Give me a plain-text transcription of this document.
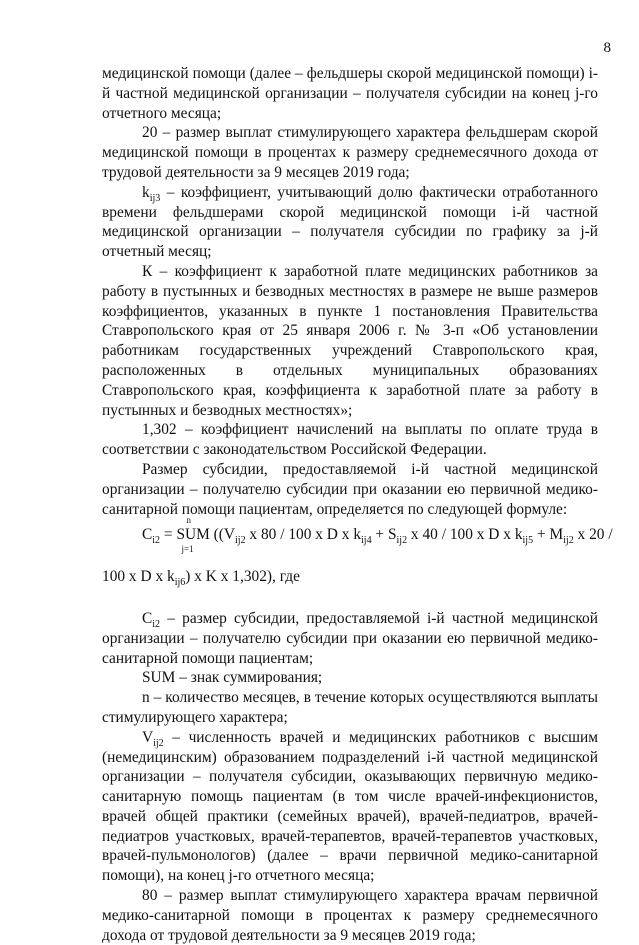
8

медицинской помощи (далее – фельдшеры скорой медицинской помощи) i-й частной медицинской организации – получателя субсидии на конец j-го отчетного месяца;

20 – размер выплат стимулирующего характера фельдшерам скорой медицинской помощи в процентах к размеру среднемесячного дохода от трудовой деятельности за 9 месяцев 2019 года;

$k_{ij3}$ – коэффициент, учитывающий долю фактически отработанного времени фельдшерами скорой медицинской помощи i-й частной медицинской организации – получателя субсидии по графику за j-й отчетный месяц;

К – коэффициент к заработной плате медицинских работников за работу в пустынных и безводных местностях в размере не выше размеров коэффициентов, указанных в пункте 1 постановления Правительства Ставропольского края от 25 января 2006 г. № 3-п «Об установлении работникам государственных учреждений Ставропольского края, расположенных в отдельных муниципальных образованиях Ставропольского края, коэффициента к заработной плате за работу в пустынных и безводных местностях»;

1,302 – коэффициент начислений на выплаты по оплате труда в соответствии с законодательством Российской Федерации.

Размер субсидии, предоставляемой i-й частной медицинской организации – получателю субсидии при оказании ею первичной медико-санитарной помощи пациентам, определяется по следующей формуле:

$C_{i2}$ =
n
SUM
j=1
(($V_{ij2}$ x 80 / 100 x D x $k_{ij4} + S_{ij2}$ x 40 / 100 x D x $k_{ij5} + M_{ij2}$ x 20 /
100 x D x $k_{ij6}$) x K x 1,302), где

$C_{i2}$ – размер субсидии, предоставляемой i-й частной медицинской организации – получателю субсидии при оказании ею первичной медико-санитарной помощи пациентам;

SUM – знак суммирования;

n – количество месяцев, в течение которых осуществляются выплаты стимулирующего характера;

$V_{ij2}$ – численность врачей и медицинских работников с высшим (немедицинским) образованием подразделений i-й частной медицинской организации – получателя субсидии, оказывающих первичную медико-санитарную помощь пациентам (в том числе врачей-инфекционистов, врачей общей практики (семейных врачей), врачей-педиатров, врачей-педиатров участковых, врачей-терапевтов, врачей-терапевтов участковых, врачей-пульмонологов) (далее – врачи первичной медико-санитарной помощи), на конец j-го отчетного месяца;

80 – размер выплат стимулирующего характера врачам первичной медико-санитарной помощи в процентах к размеру среднемесячного дохода от трудовой деятельности за 9 месяцев 2019 года;
